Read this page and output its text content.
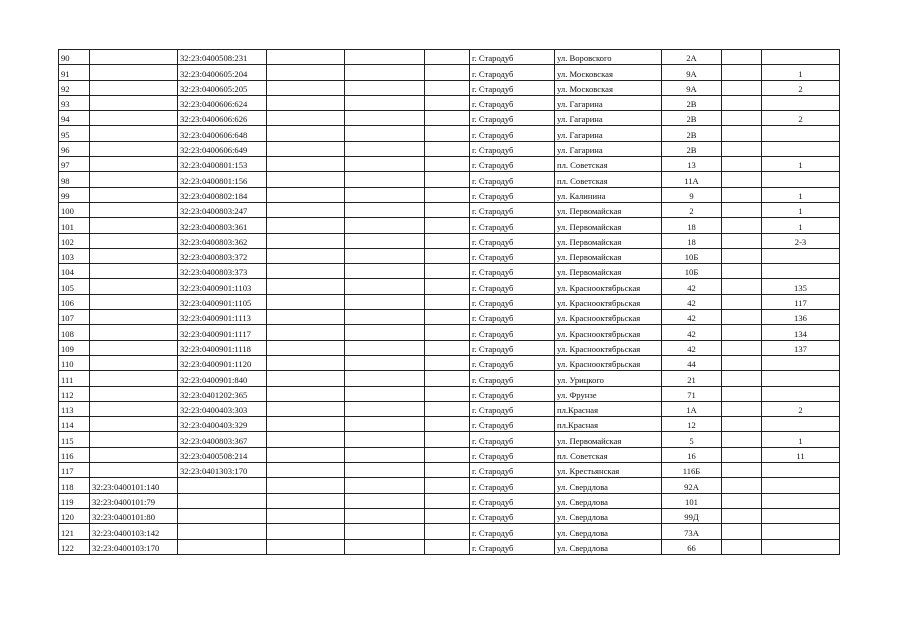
90		32:23:0400508:231				г. Стародуб	ул. Воровского	2А		
91		32:23:0400605:204				г. Стародуб	ул. Московская	9А		1
92		32:23:0400605:205				г. Стародуб	ул. Московская	9А		2
93		32:23:0400606:624				г. Стародуб	ул. Гагарина	2В		
94		32:23:0400606:626				г. Стародуб	ул. Гагарина	2В		2
95		32:23:0400606:648				г. Стародуб	ул. Гагарина	2В		
96		32:23:0400606:649				г. Стародуб	ул. Гагарина	2В		
97		32:23:0400801:153				г. Стародуб	пл. Советская	13		1
98		32:23:0400801:156				г. Стародуб	пл. Советская	11А		
99		32:23:0400802:184				г. Стародуб	ул. Калинина	9		1
100		32:23:0400803:247				г. Стародуб	ул. Первомайская	2		1
101		32:23:0400803:361				г. Стародуб	ул. Первомайская	18		1
102		32:23:0400803:362				г. Стародуб	ул. Первомайская	18		2-3
103		32:23:0400803:372				г. Стародуб	ул. Первомайская	10Б		
104		32:23:0400803:373				г. Стародуб	ул. Первомайская	10Б		
105		32:23:0400901:1103				г. Стародуб	ул. Краснооктябрьская	42		135
106		32:23:0400901:1105				г. Стародуб	ул. Краснооктябрьская	42		117
107		32:23:0400901:1113				г. Стародуб	ул. Краснооктябрьская	42		136
108		32:23:0400901:1117				г. Стародуб	ул. Краснооктябрьская	42		134
109		32:23:0400901:1118				г. Стародуб	ул. Краснооктябрьская	42		137
110		32:23:0400901:1120				г. Стародуб	ул. Краснооктябрьская	44		
111		32:23:0400901:840				г. Стародуб	ул. Урицкого	21		
112		32:23:0401202:365				г. Стародуб	ул. Фрунзе	71		
113		32:23:0400403:303				г. Стародуб	пл.Красная	1А		2
114		32:23:0400403:329				г. Стародуб	пл.Красная	12		
115		32:23:0400803:367				г. Стародуб	ул. Первомайская	5		1
116		32:23:0400508:214				г. Стародуб	пл. Советская	16		11
117		32:23:0401303:170				г. Стародуб	ул. Крестьянская	116Б		
118	32:23:0400101:140					г. Стародуб	ул. Свердлова	92А		
119	32:23:0400101:79					г. Стародуб	ул. Свердлова	101		
120	32:23:0400101:80					г. Стародуб	ул. Свердлова	99Д		
121	32:23:0400103:142					г. Стародуб	ул. Свердлова	73А		
122	32:23:0400103:170					г. Стародуб	ул. Свердлова	66		
